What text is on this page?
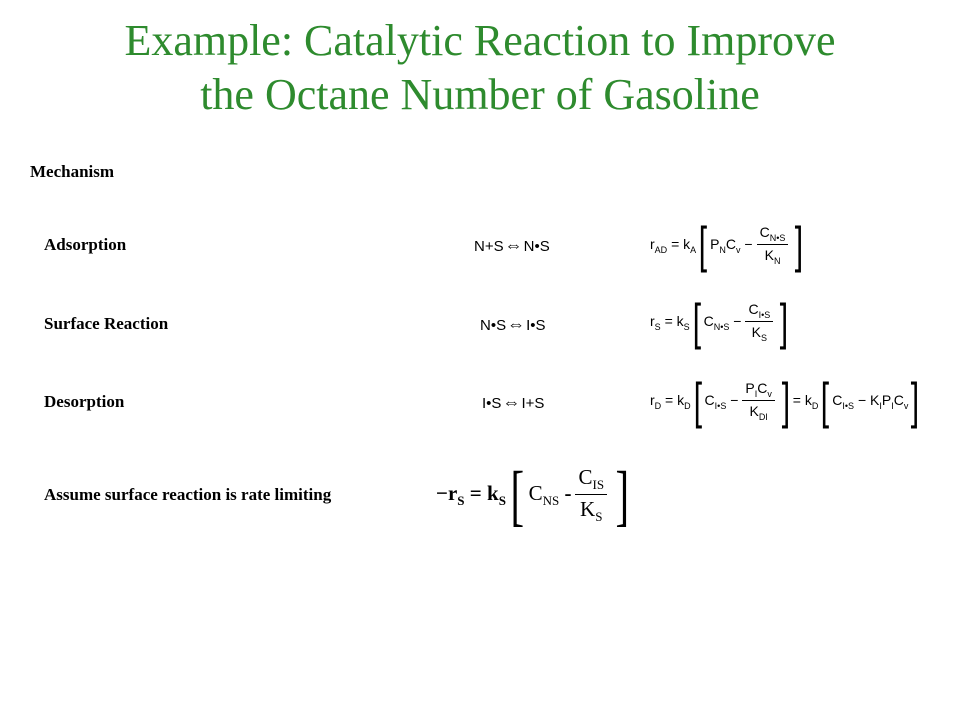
Example: Catalytic Reaction to Improve
the Octane Number of Gasoline
Mechanism
Adsorption	N+S⇔N•S	$r_{AD} = k_A$ [ $P_NC_v - \frac{C_{N•S}}{K_N}$ ]
Surface Reaction	N•S⇔I•S	$r_S = k_S$ [ $C_{N•S} - \frac{C_{I•S}}{K_S}$ ]
Desorption	I•S⇔I+S	$r_D = k_D$ [ $C_{I•S} - \frac{P_IC_v}{K_{DI}}$ ] = $k_D$ [ $C_{I•S} - K_IP_IC_v$ ]
Assume surface reaction is rate limiting	$-r_S = k_S$ [ $C_{NS} - \frac{C_{IS}}{K_S}$ ]
